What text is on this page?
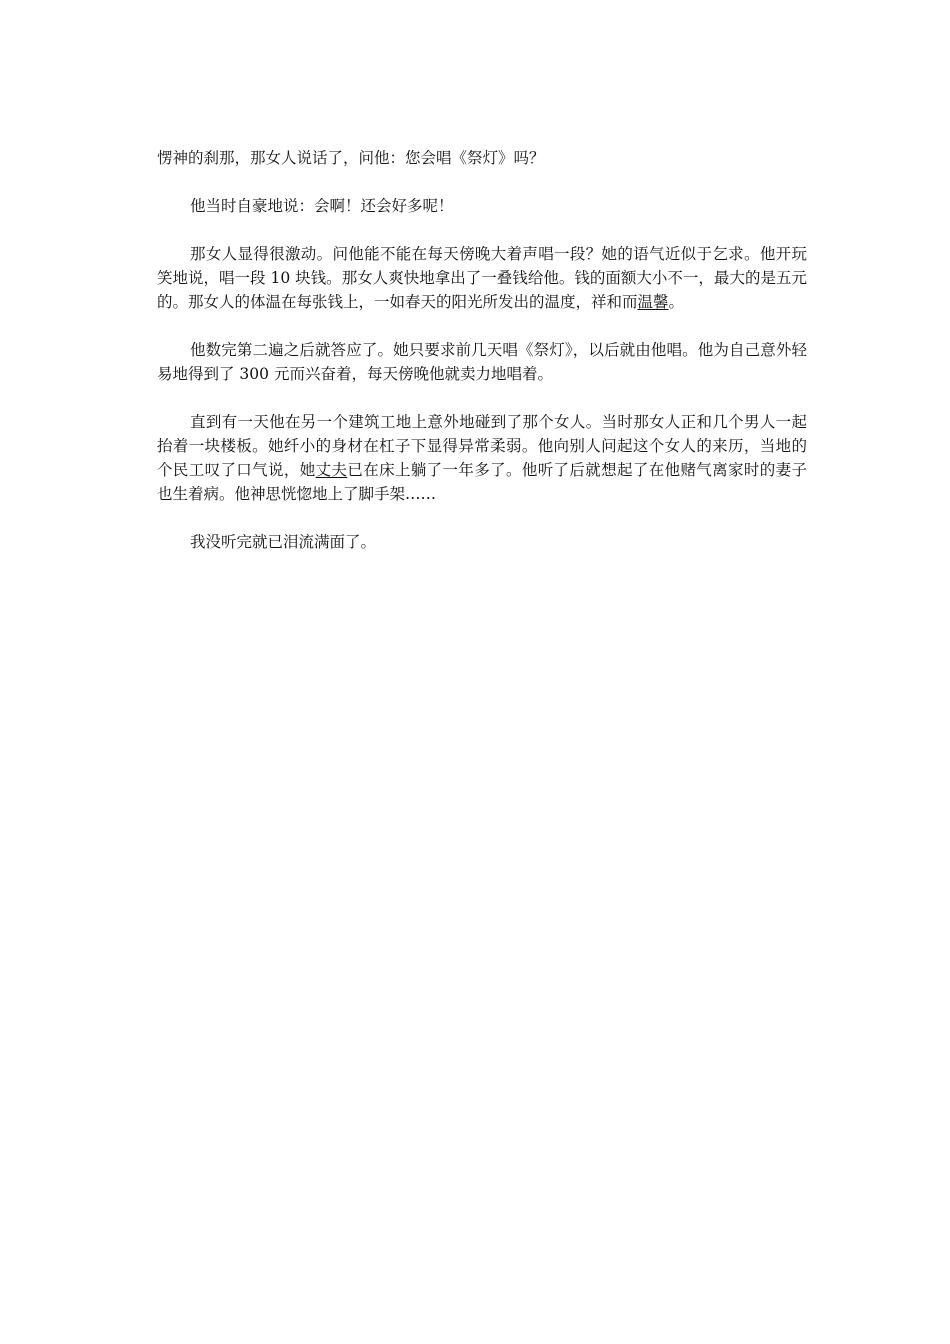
愣神的刹那，那女人说话了，问他：您会唱《祭灯》吗？

他当时自豪地说：会啊！还会好多呢！

那女人显得很激动。问他能不能在每天傍晚大着声唱一段？她的语气近似于乞求。他开玩笑地说，唱一段 10 块钱。那女人爽快地拿出了一叠钱给他。钱的面额大小不一，最大的是五元的。那女人的体温在每张钱上，一如春天的阳光所发出的温度，祥和而温馨。

他数完第二遍之后就答应了。她只要求前几天唱《祭灯》，以后就由他唱。他为自己意外轻易地得到了 300 元而兴奋着，每天傍晚他就卖力地唱着。

直到有一天他在另一个建筑工地上意外地碰到了那个女人。当时那女人正和几个男人一起抬着一块楼板。她纤小的身材在杠子下显得异常柔弱。他向别人问起这个女人的来历，当地的个民工叹了口气说，她丈夫已在床上躺了一年多了。他听了后就想起了在他赌气离家时的妻子也生着病。他神思恍惚地上了脚手架……

我没听完就已泪流满面了。
